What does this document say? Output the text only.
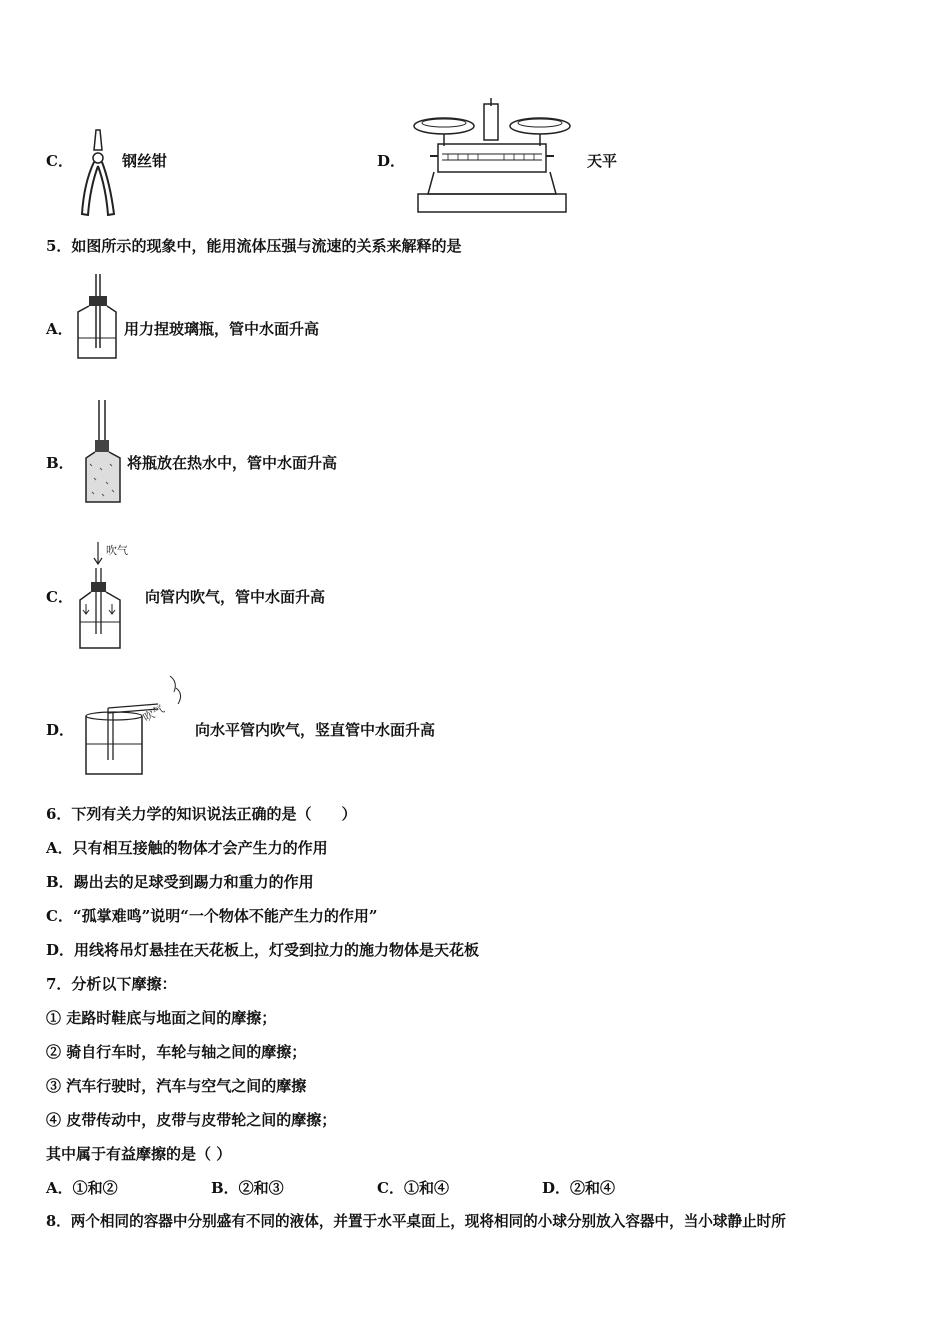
C．	钢丝钳	D．	天平
5．如图所示的现象中，能用流体压强与流速的关系来解释的是
A．	用力捏玻璃瓶，管中水面升高
B．	将瓶放在热水中，管中水面升高
C．
吹气
向管内吹气，管中水面升高
D．
吹气
向水平管内吹气，竖直管中水面升高
6．下列有关力学的知识说法正确的是（　　）
A．只有相互接触的物体才会产生力的作用
B．踢出去的足球受到踢力和重力的作用
C．“孤掌难鸣”说明“一个物体不能产生力的作用”
D．用线将吊灯悬挂在天花板上，灯受到拉力的施力物体是天花板
7．分析以下摩擦：
① 走路时鞋底与地面之间的摩擦；
② 骑自行车时，车轮与轴之间的摩擦；
③ 汽车行驶时，汽车与空气之间的摩擦
④ 皮带传动中，皮带与皮带轮之间的摩擦；
其中属于有益摩擦的是（ ）
A．①和②	B．②和③	C．①和④	D．②和④
8．两个相同的容器中分别盛有不同的液体，并置于水平桌面上，现将相同的小球分别放入容器中，当小球静止时所
